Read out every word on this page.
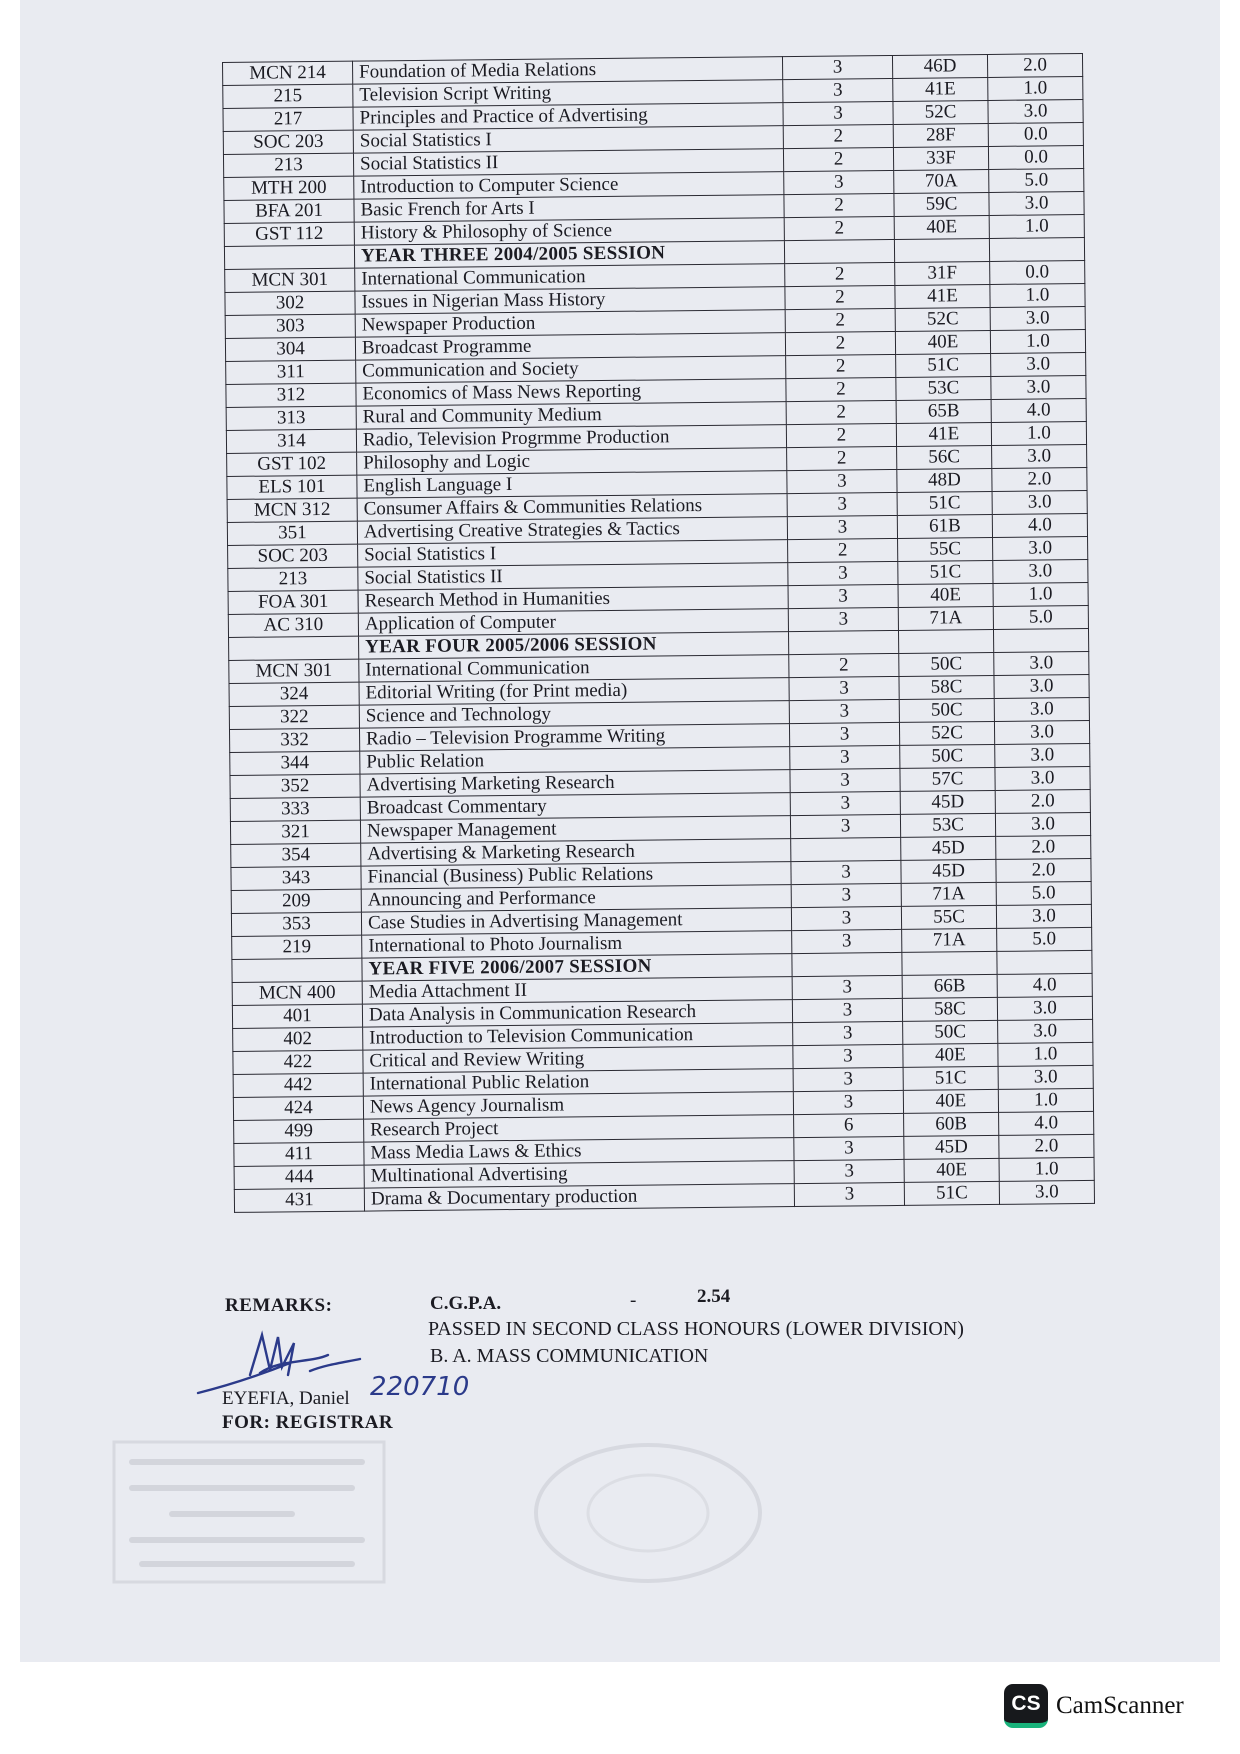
MCN 214	Foundation of Media Relations	3	46D	2.0
215	Television Script Writing	3	41E	1.0
217	Principles and Practice of Advertising	3	52C	3.0
SOC 203	Social Statistics I	2	28F	0.0
213	Social Statistics II	2	33F	0.0
MTH 200	Introduction to Computer Science	3	70A	5.0
BFA 201	Basic French for Arts I	2	59C	3.0
GST 112	History & Philosophy of Science	2	40E	1.0
	YEAR THREE 2004/2005 SESSION			
MCN 301	International Communication	2	31F	0.0
302	Issues in Nigerian Mass History	2	41E	1.0
303	Newspaper Production	2	52C	3.0
304	Broadcast Programme	2	40E	1.0
311	Communication and Society	2	51C	3.0
312	Economics of Mass News Reporting	2	53C	3.0
313	Rural and Community Medium	2	65B	4.0
314	Radio, Television Progrmme Production	2	41E	1.0
GST 102	Philosophy and Logic	2	56C	3.0
ELS 101	English Language I	3	48D	2.0
MCN 312	Consumer Affairs & Communities Relations	3	51C	3.0
351	Advertising Creative Strategies & Tactics	3	61B	4.0
SOC 203	Social Statistics I	2	55C	3.0
213	Social Statistics II	3	51C	3.0
FOA 301	Research Method in Humanities	3	40E	1.0
AC 310	Application of Computer	3	71A	5.0
	YEAR FOUR 2005/2006 SESSION			
MCN 301	International Communication	2	50C	3.0
324	Editorial Writing (for Print media)	3	58C	3.0
322	Science and Technology	3	50C	3.0
332	Radio – Television Programme Writing	3	52C	3.0
344	Public Relation	3	50C	3.0
352	Advertising Marketing Research	3	57C	3.0
333	Broadcast Commentary	3	45D	2.0
321	Newspaper Management	3	53C	3.0
354	Advertising & Marketing Research		45D	2.0
343	Financial (Business) Public Relations	3	45D	2.0
209	Announcing and Performance	3	71A	5.0
353	Case Studies in Advertising Management	3	55C	3.0
219	International to Photo Journalism	3	71A	5.0
	YEAR FIVE 2006/2007 SESSION			
MCN 400	Media Attachment II	3	66B	4.0
401	Data Analysis in Communication Research	3	58C	3.0
402	Introduction to Television Communication	3	50C	3.0
422	Critical and Review Writing	3	40E	1.0
442	International Public Relation	3	51C	3.0
424	News Agency Journalism	3	40E	1.0
499	Research Project	6	60B	4.0
411	Mass Media Laws & Ethics	3	45D	2.0
444	Multinational Advertising	3	40E	1.0
431	Drama & Documentary production	3	51C	3.0
REMARKS:	C.G.P.A.	-	2.54
PASSED IN SECOND CLASS HONOURS (LOWER DIVISION)
B. A. MASS COMMUNICATION
220710
EYEFIA, Daniel
FOR: REGISTRAR
CS CamScanner
